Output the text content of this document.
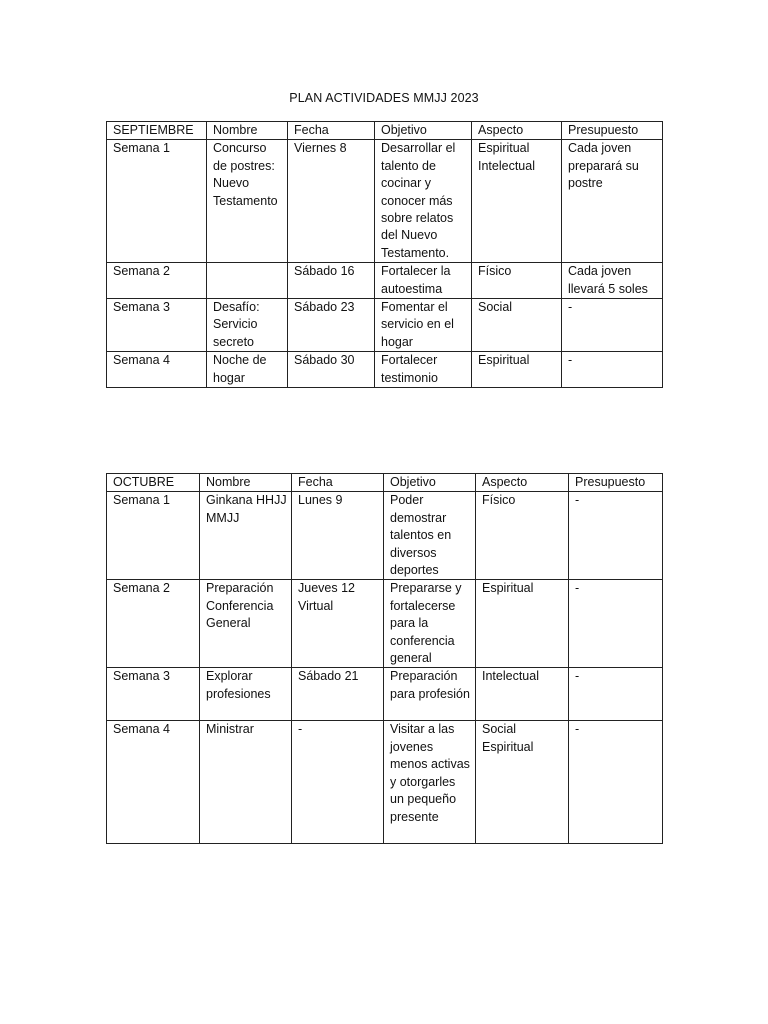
PLAN ACTIVIDADES MMJJ 2023
SEPTIEMBRE	Nombre	Fecha	Objetivo	Aspecto	Presupuesto
Semana 1	Concurso de postres: Nuevo Testamento	Viernes 8	Desarrollar el talento de cocinar y conocer más sobre relatos del Nuevo Testamento.	Espiritual Intelectual	Cada joven preparará su postre
Semana 2		Sábado 16	Fortalecer la autoestima	Físico	Cada joven llevará 5 soles
Semana 3	Desafío: Servicio secreto	Sábado 23	Fomentar el servicio en el hogar	Social	-
Semana 4	Noche de hogar	Sábado 30	Fortalecer testimonio	Espiritual	-
OCTUBRE	Nombre	Fecha	Objetivo	Aspecto	Presupuesto
Semana 1	Ginkana HHJJ MMJJ	Lunes 9	Poder demostrar talentos en diversos deportes	Físico	-
Semana 2	Preparación Conferencia General	Jueves 12 Virtual	Prepararse y fortalecerse para la conferencia general	Espiritual	-
Semana 3	Explorar profesiones	Sábado 21	Preparación para profesión	Intelectual	-
Semana 4	Ministrar	-	Visitar a las jovenes menos activas y otorgarles un pequeño presente	Social Espiritual	-
